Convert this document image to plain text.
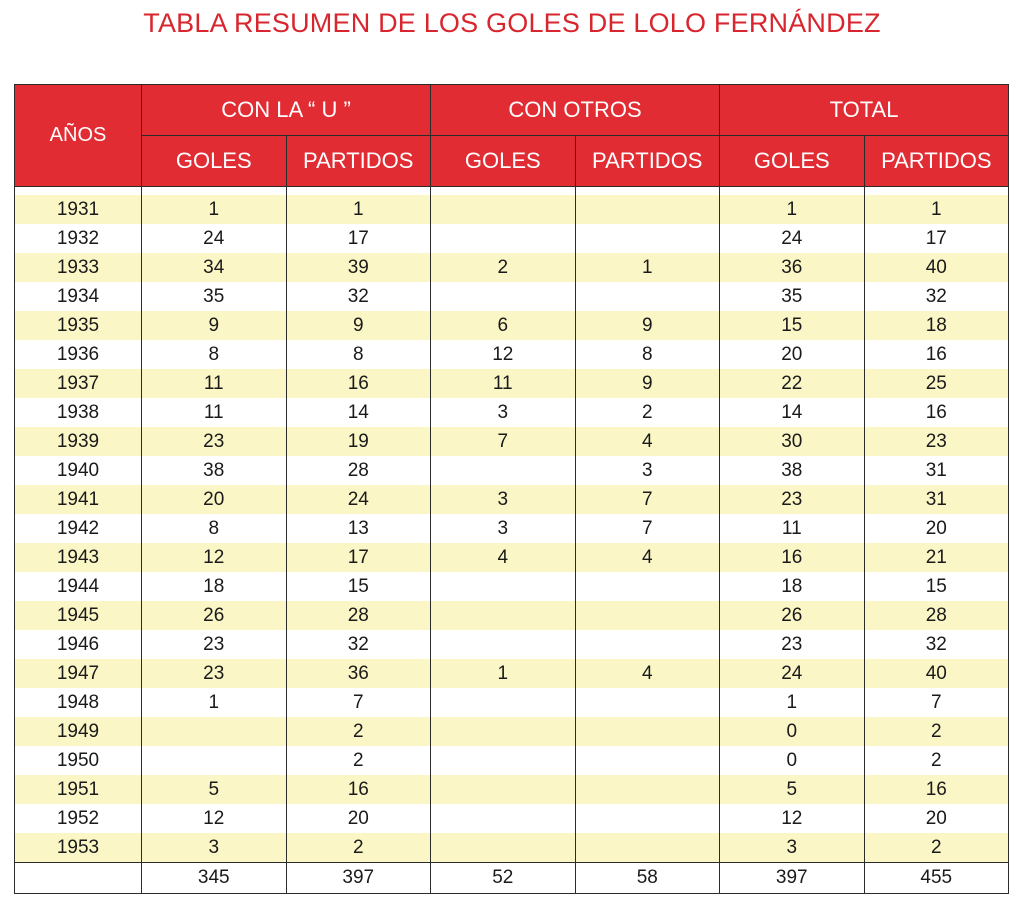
TABLA RESUMEN DE LOS GOLES DE LOLO FERNÁNDEZ
AÑOS	CON LA “ U ”		CON OTROS		TOTAL	
	GOLES	PARTIDOS	GOLES	PARTIDOS	GOLES	PARTIDOS

1931	1	1			1	1
1932	24	17			24	17
1933	34	39	2	1	36	40
1934	35	32			35	32
1935	9	9	6	9	15	18
1936	8	8	12	8	20	16
1937	11	16	11	9	22	25
1938	11	14	3	2	14	16
1939	23	19	7	4	30	23
1940	38	28		3	38	31
1941	20	24	3	7	23	31
1942	8	13	3	7	11	20
1943	12	17	4	4	16	21
1944	18	15			18	15
1945	26	28			26	28
1946	23	32			23	32
1947	23	36	1	4	24	40
1948	1	7			1	7
1949		2			0	2
1950		2			0	2
1951	5	16			5	16
1952	12	20			12	20
1953	3	2			3	2
	345	397	52	58	397	455
